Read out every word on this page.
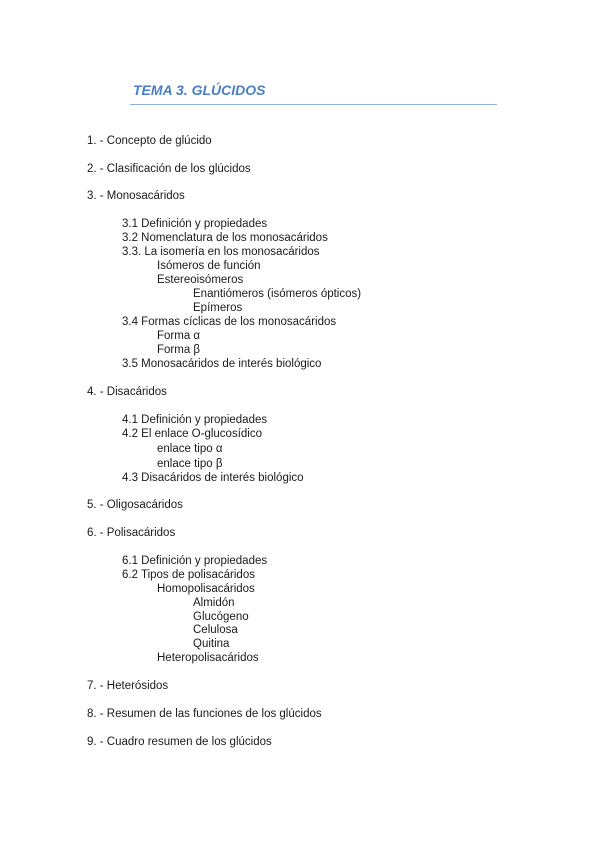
TEMA 3. GLÚCIDOS
1. - Concepto de glúcido
2. - Clasificación de los glúcidos
3. - Monosacáridos
3.1 Definición y propiedades
3.2 Nomenclatura de los monosacáridos
3.3. La isomería en los monosacáridos
Isómeros de función
Estereoisómeros
Enantiómeros (isómeros ópticos)
Epímeros
3.4 Formas cíclicas de los monosacáridos
Forma α
Forma β
3.5 Monosacáridos de interés biológico
4. - Disacáridos
4.1 Definición y propiedades
4.2 El enlace O-glucosídico
enlace tipo α
enlace tipo β
4.3 Disacáridos de interés biológico
5. - Oligosacáridos
6. - Polisacáridos
6.1 Definición y propiedades
6.2 Tipos de polisacáridos
Homopolisacáridos
Almidón
Glucógeno
Celulosa
Quitina
Heteropolisacáridos
7. - Heterósidos
8. - Resumen de las funciones de los glúcidos
9. - Cuadro resumen de los glúcidos
